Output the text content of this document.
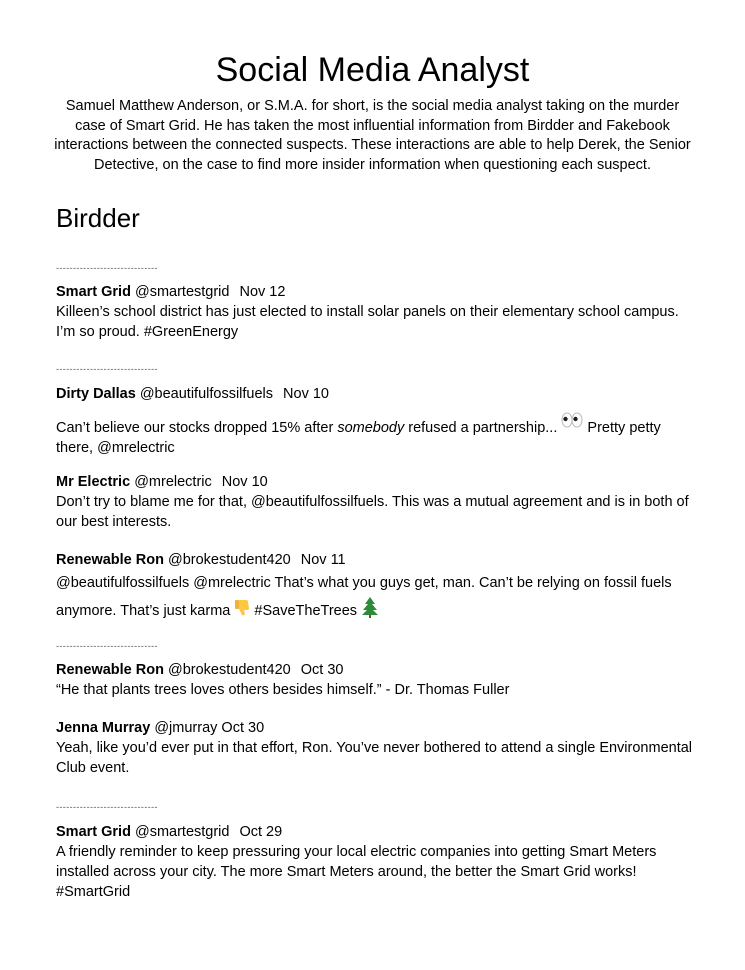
Social Media Analyst
Samuel Matthew Anderson, or S.M.A. for short, is the social media analyst taking on the murder case of Smart Grid. He has taken the most influential information from Birdder and Fakebook interactions between the connected suspects. These interactions are able to help Derek, the Senior Detective, on the case to find more insider information when questioning each suspect.
Birdder
------------------------------
Smart Grid @smartestgrid Nov 12
Killeen’s school district has just elected to install solar panels on their elementary school campus. I’m so proud. #GreenEnergy
------------------------------
Dirty Dallas @beautifulfossilfuels Nov 10
Can’t believe our stocks dropped 15% after somebody refused a partnership...  Pretty petty there, @mrelectric
Mr Electric @mrelectric Nov 10
Don’t try to blame me for that, @beautifulfossilfuels. This was a mutual agreement and is in both of our best interests.
Renewable Ron @brokestudent420 Nov 11
@beautifulfossilfuels @mrelectric That’s what you guys get, man. Can’t be relying on fossil fuels anymore. That’s just karma  #SaveTheTrees
------------------------------
Renewable Ron @brokestudent420 Oct 30
“He that plants trees loves others besides himself.” - Dr. Thomas Fuller
Jenna Murray @jmurray Oct 30
Yeah, like you’d ever put in that effort, Ron. You’ve never bothered to attend a single Environmental Club event.
------------------------------
Smart Grid @smartestgrid Oct 29
A friendly reminder to keep pressuring your local electric companies into getting Smart Meters installed across your city. The more Smart Meters around, the better the Smart Grid works! #SmartGrid
